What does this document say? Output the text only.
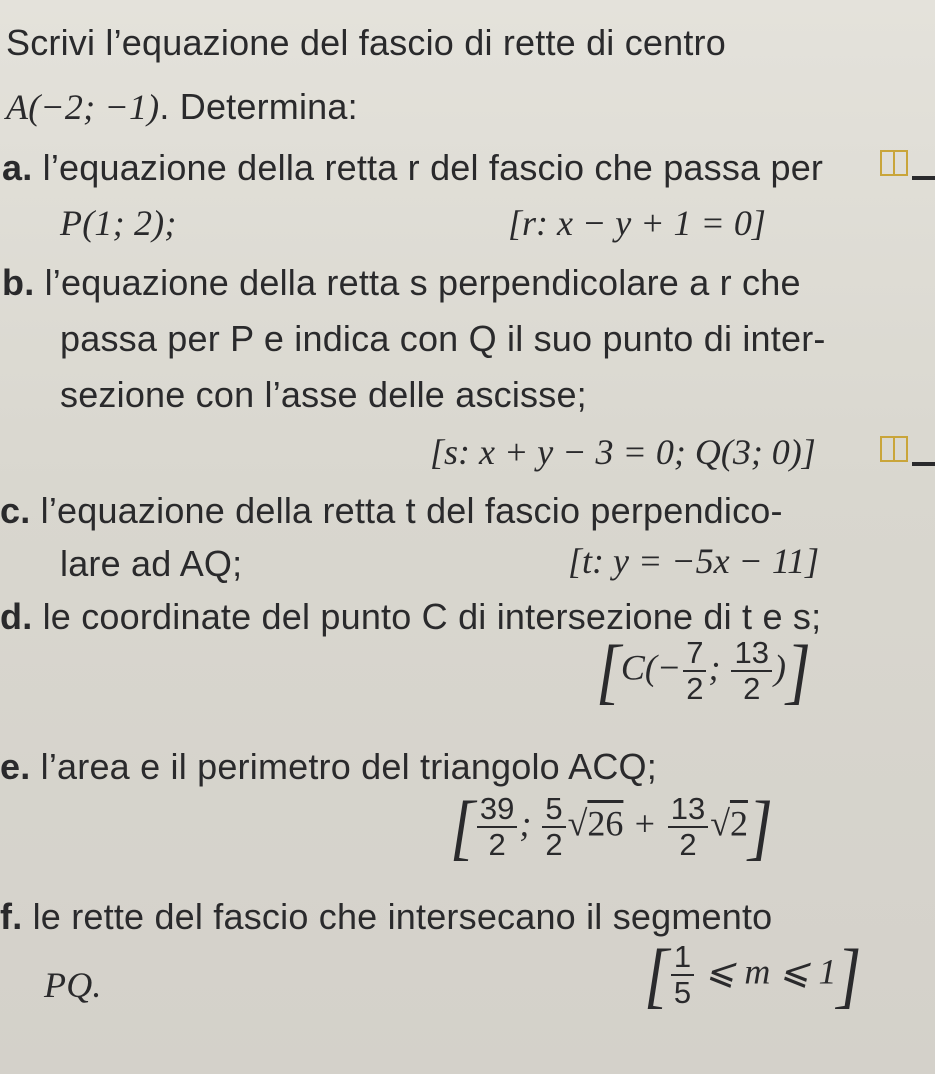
Scrivi l’equazione del fascio di rette di centro
A(−2; −1). Determina:
a. l’equazione della retta r del fascio che passa per
P(1; 2);	[r: x − y + 1 = 0]
b. l’equazione della retta s perpendicolare a r che
passa per P e indica con Q il suo punto di inter-
sezione con l’asse delle ascisse;
[s: x + y − 3 = 0; Q(3; 0)]
c. l’equazione della retta t del fascio perpendico-
lare ad AQ;	[t: y = −5x − 11]
d. le coordinate del punto C di intersezione di t e s;
[$C(- \frac{7}{2}$ ; $\frac{13}{2}$ )]
e. l’area e il perimetro del triangolo ACQ;
[ $\frac{39}{2}$ ; $\frac{5}{2} √26 + \frac{13}{2} √2$]
f. le rette del fascio che intersecano il segmento
PQ.	[ $\frac{1}{5}$ ⩽ m ⩽ 1]
